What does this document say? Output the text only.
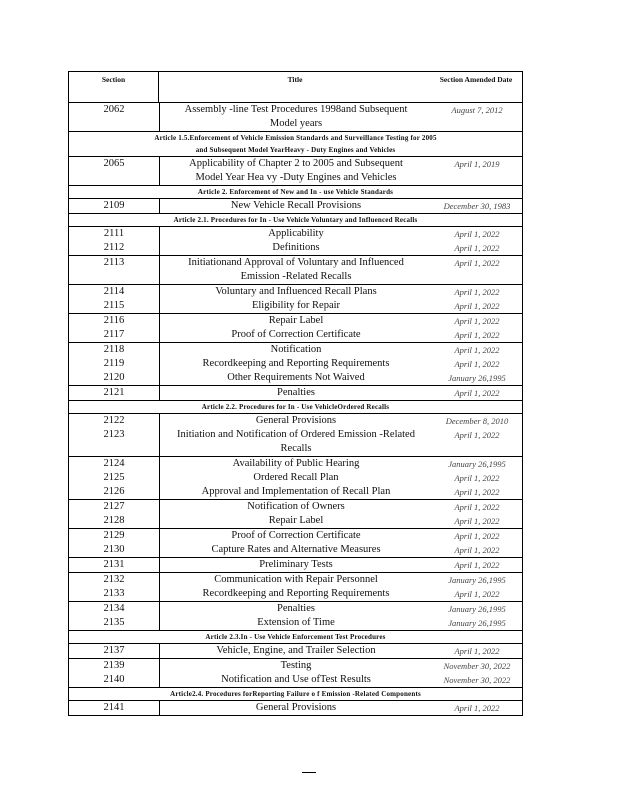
Section	Title	Section Amended Date
2062	Assembly -line Test Procedures 1998and Subsequent	August 7, 2012
Model years
Article 1.5.Enforcement of Vehicle Emission Standards and Surveillance Testing for 2005
and Subsequent Model YearHeavy - Duty Engines and Vehicles
2065	Applicability of Chapter 2 to 2005 and Subsequent	April 1, 2019
Model Year Hea vy -Duty Engines and Vehicles
Article 2. Enforcement of New and In - use Vehicle Standards
2109	New Vehicle Recall Provisions	December 30, 1983
Article 2.1. Procedures for In - Use Vehicle Voluntary and Influenced Recalls
2111	Applicability	April 1, 2022
2112	Definitions	April 1, 2022
2113	Initiationand Approval of Voluntary and Influenced	April 1, 2022
Emission -Related Recalls
2114	Voluntary and Influenced Recall Plans	April 1, 2022
2115	Eligibility for Repair	April 1, 2022
2116	Repair Label	April 1, 2022
2117	Proof of Correction Certificate	April 1, 2022
2118	Notification	April 1, 2022
2119	Recordkeeping and Reporting Requirements	April 1, 2022
2120	Other Requirements Not Waived	January 26,1995
2121	Penalties	April 1, 2022
Article 2.2. Procedures for In - Use VehicleOrdered Recalls
2122	General Provisions	December 8, 2010
2123	Initiation and Notification of Ordered Emission -Related	April 1, 2022
Recalls
2124	Availability of Public Hearing	January 26,1995
2125	Ordered Recall Plan	April 1, 2022
2126	Approval and Implementation of Recall Plan	April 1, 2022
2127	Notification of Owners	April 1, 2022
2128	Repair Label	April 1, 2022
2129	Proof of Correction Certificate	April 1, 2022
2130	Capture Rates and Alternative Measures	April 1, 2022
2131	Preliminary Tests	April 1, 2022
2132	Communication with Repair Personnel	January 26,1995
2133	Recordkeeping and Reporting Requirements	April 1, 2022
2134	Penalties	January 26,1995
2135	Extension of Time	January 26,1995
Article 2.3.In - Use Vehicle Enforcement Test Procedures
2137	Vehicle, Engine, and Trailer Selection	April 1, 2022
2139	Testing	November 30, 2022
2140	Notification and Use ofTest Results	November 30, 2022
Article2.4. Procedures forReporting Failure o f Emission -Related Components
2141	General Provisions	April 1, 2022
